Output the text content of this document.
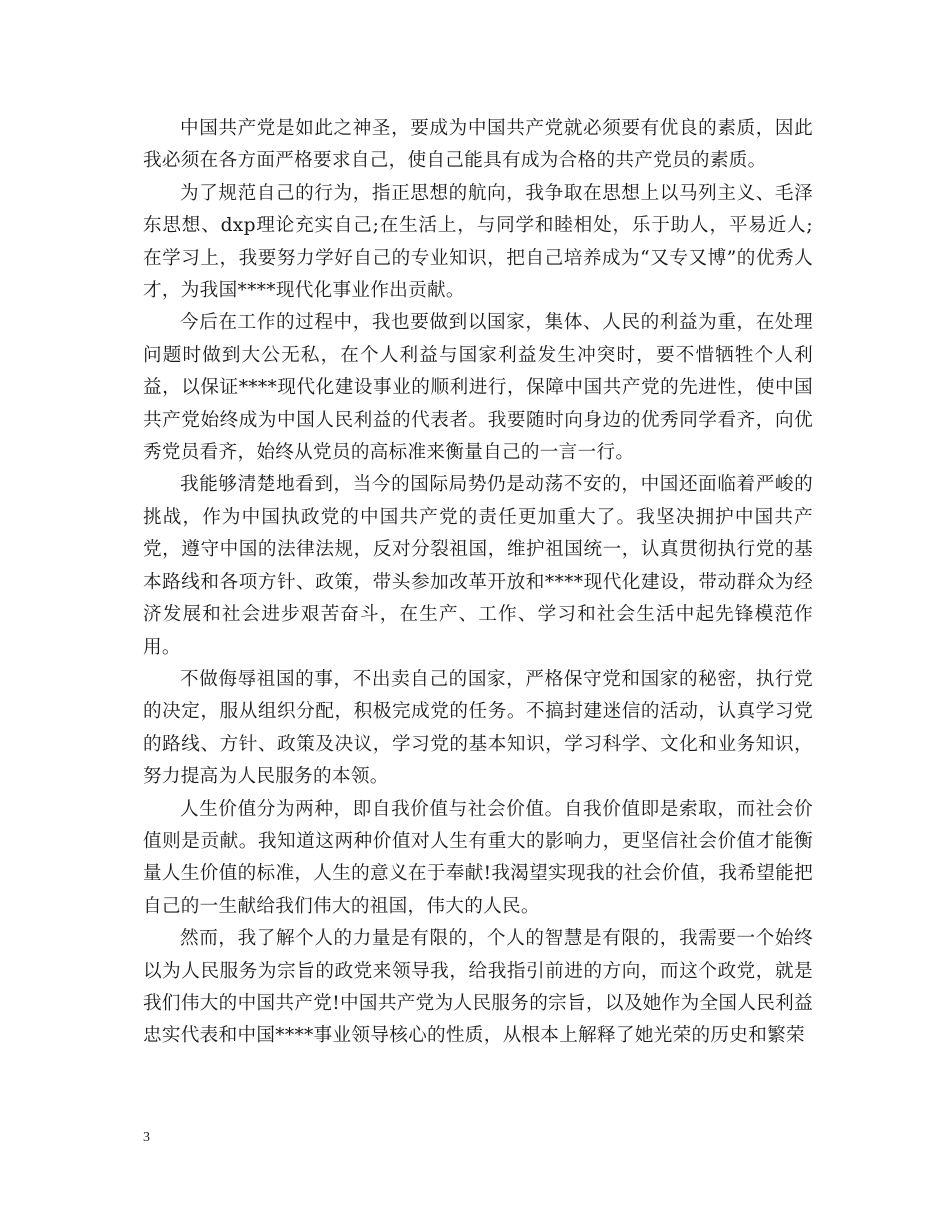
中国共产党是如此之神圣，要成为中国共产党就必须要有优良的素质，因此我必须在各方面严格要求自己，使自己能具有成为合格的共产党员的素质。

为了规范自己的行为，指正思想的航向，我争取在思想上以马列主义、毛泽东思想、dxp理论充实自己;在生活上，与同学和睦相处，乐于助人，平易近人;在学习上，我要努力学好自己的专业知识，把自己培养成为“又专又博”的优秀人才，为我国****现代化事业作出贡献。

今后在工作的过程中，我也要做到以国家，集体、人民的利益为重，在处理问题时做到大公无私，在个人利益与国家利益发生冲突时，要不惜牺牲个人利益，以保证****现代化建设事业的顺利进行，保障中国共产党的先进性，使中国共产党始终成为中国人民利益的代表者。我要随时向身边的优秀同学看齐，向优秀党员看齐，始终从党员的高标准来衡量自己的一言一行。

我能够清楚地看到，当今的国际局势仍是动荡不安的，中国还面临着严峻的挑战，作为中国执政党的中国共产党的责任更加重大了。我坚决拥护中国共产党，遵守中国的法律法规，反对分裂祖国，维护祖国统一，认真贯彻执行党的基本路线和各项方针、政策，带头参加改革开放和****现代化建设，带动群众为经济发展和社会进步艰苦奋斗，在生产、工作、学习和社会生活中起先锋模范作用。

不做侮辱祖国的事，不出卖自己的国家，严格保守党和国家的秘密，执行党的决定，服从组织分配，积极完成党的任务。不搞封建迷信的活动，认真学习党的路线、方针、政策及决议，学习党的基本知识，学习科学、文化和业务知识，努力提高为人民服务的本领。

人生价值分为两种，即自我价值与社会价值。自我价值即是索取，而社会价值则是贡献。我知道这两种价值对人生有重大的影响力，更坚信社会价值才能衡量人生价值的标准，人生的意义在于奉献!我渴望实现我的社会价值，我希望能把自己的一生献给我们伟大的祖国，伟大的人民。

然而，我了解个人的力量是有限的，个人的智慧是有限的，我需要一个始终以为人民服务为宗旨的政党来领导我，给我指引前进的方向，而这个政党，就是我们伟大的中国共产党!中国共产党为人民服务的宗旨，以及她作为全国人民利益忠实代表和中国****事业领导核心的性质，从根本上解释了她光荣的历史和繁荣

3
